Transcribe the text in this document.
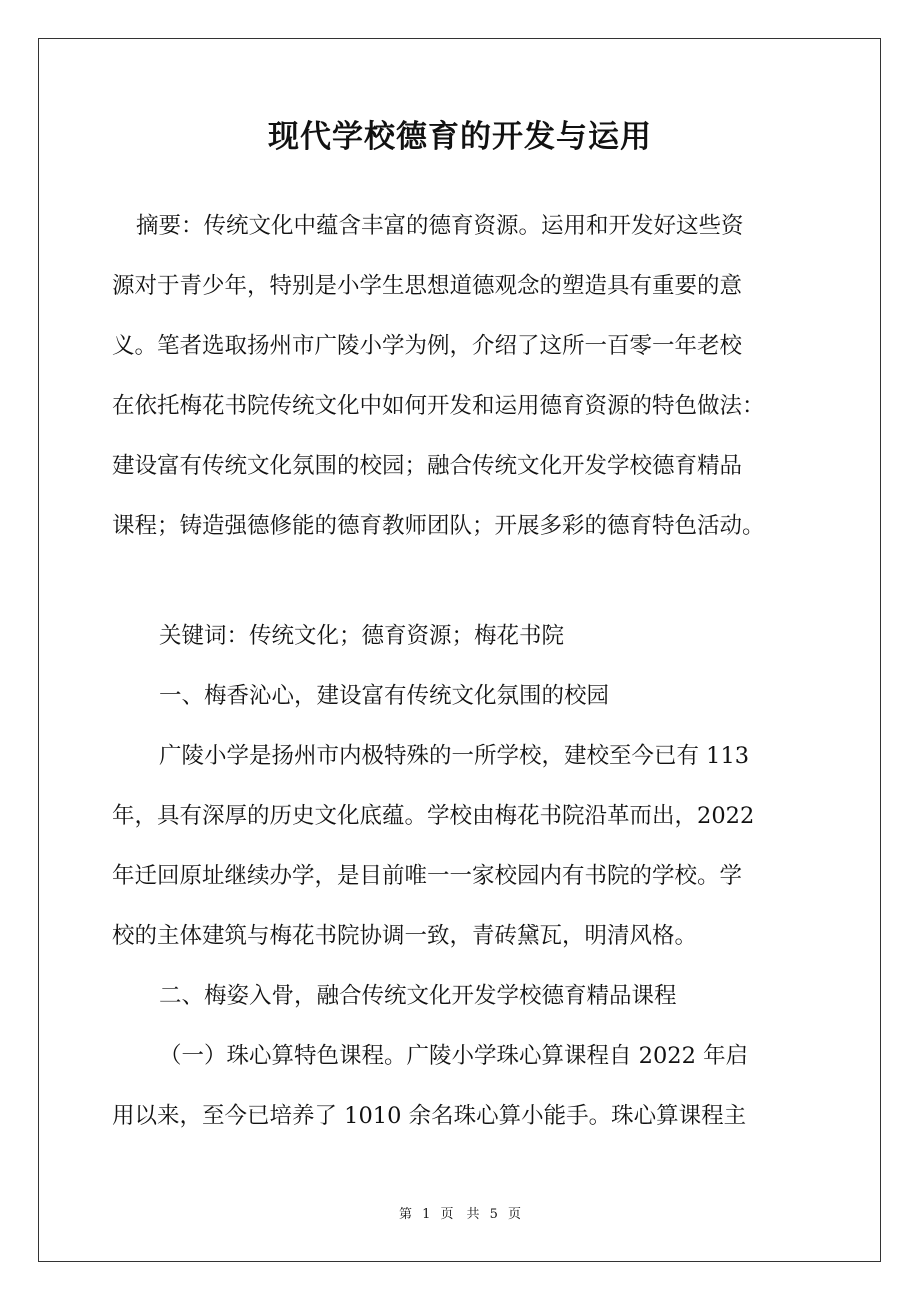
现代学校德育的开发与运用
摘要：传统文化中蕴含丰富的德育资源。运用和开发好这些资
源对于青少年，特别是小学生思想道德观念的塑造具有重要的意
义。笔者选取扬州市广陵小学为例，介绍了这所一百零一年老校
在依托梅花书院传统文化中如何开发和运用德育资源的特色做法：
建设富有传统文化氛围的校园；融合传统文化开发学校德育精品
课程；铸造强德修能的德育教师团队；开展多彩的德育特色活动。
关键词：传统文化；德育资源；梅花书院
一、梅香沁心，建设富有传统文化氛围的校园
广陵小学是扬州市内极特殊的一所学校，建校至今已有 113
年，具有深厚的历史文化底蕴。学校由梅花书院沿革而出，2022
年迁回原址继续办学，是目前唯一一家校园内有书院的学校。学
校的主体建筑与梅花书院协调一致，青砖黛瓦，明清风格。
二、梅姿入骨，融合传统文化开发学校德育精品课程
（一）珠心算特色课程。广陵小学珠心算课程自 2022 年启
用以来，至今已培养了 1010 余名珠心算小能手。珠心算课程主
第 1 页　共 5 页
